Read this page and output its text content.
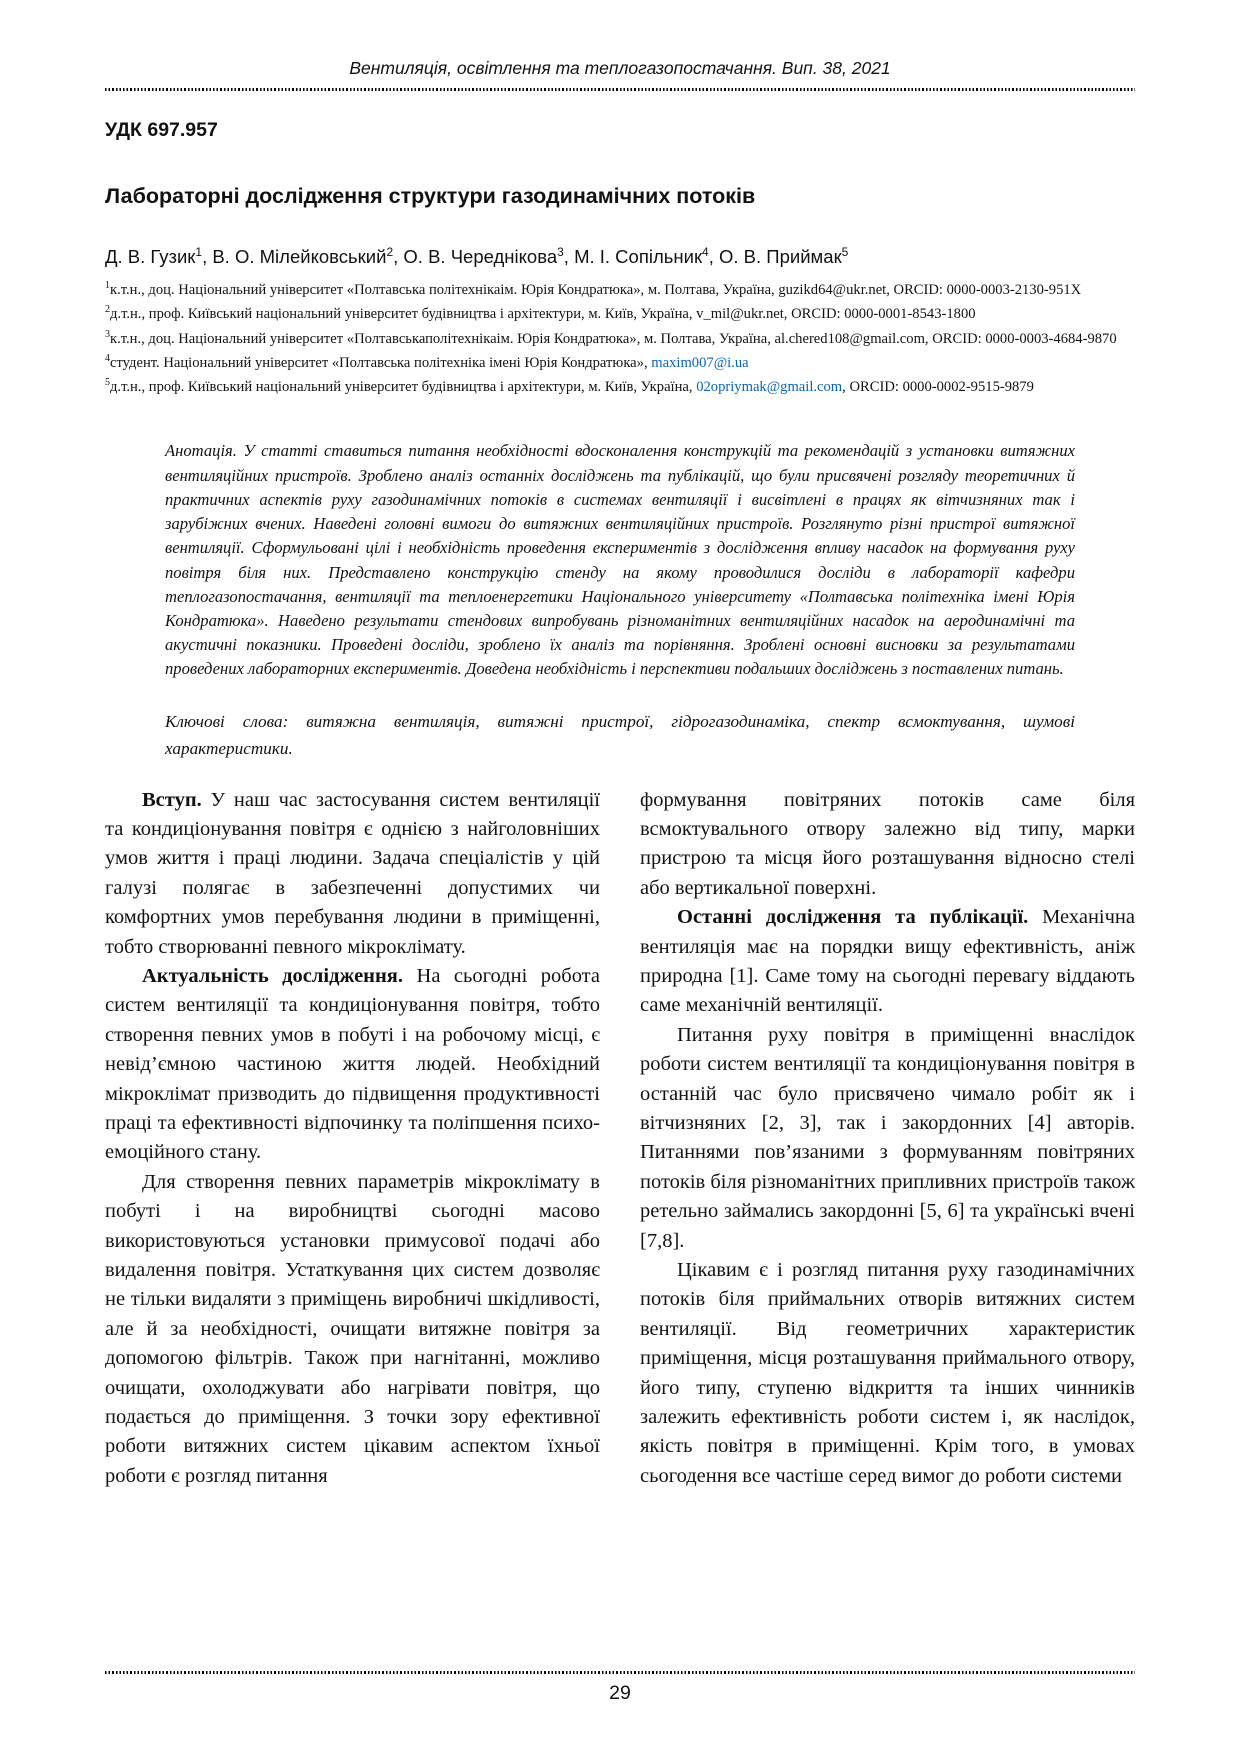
Вентиляція, освітлення та теплогазопостачання. Вип. 38, 2021
УДК 697.957
Лабораторні дослідження структури газодинамічних потоків
Д. В. Гузик$^1$, В. О. Мілейковський$^2$, О. В. Череднікова$^3$, М. І. Сопільник$^4$, О. В. Приймак$^5$
$^1$к.т.н., доц. Національний університет «Полтавська політехнікаім. Юрія Кондратюка», м. Полтава, Україна, guzikd64@ukr.net, ORCID: 0000-0003-2130-951X
$^2$д.т.н., проф. Київський національний університет будівництва і архітектури, м. Київ, Україна, v_mil@ukr.net, ORCID: 0000-0001-8543-1800
$^3$к.т.н., доц. Національний університет «Полтавськаполітехнікаім. Юрія Кондратюка», м. Полтава, Україна, al.chered108@gmail.com, ORCID: 0000-0003-4684-9870
$^4$студент. Національний університет «Полтавська політехніка імені Юрія Кондратюка», maxim007@i.ua
$^5$д.т.н., проф. Київський національний університет будівництва і архітектури, м. Київ, Україна, 02opriymak@gmail.com, ORCID: 0000-0002-9515-9879

Анотація. У статті ставиться питання необхідності вдосконалення конструкцій та рекомендацій з установки витяжних вентиляційних пристроїв. Зроблено аналіз останніх досліджень та публікацій, що були присвячені розгляду теоретичних й практичних аспектів руху газодинамічних потоків в системах вентиляції і висвітлені в працях як вітчизняних так і зарубіжних вчених. Наведені головні вимоги до витяжних вентиляційних пристроїв. Розглянуто різні пристрої витяжної вентиляції. Сформульовані цілі і необхідність проведення експериментів з дослідження впливу насадок на формування руху повітря біля них. Представлено конструкцію стенду на якому проводилися досліди в лабораторії кафедри теплогазопостачання, вентиляції та теплоенергетики Національного університету «Полтавська політехніка імені Юрія Кондратюка». Наведено результати стендових випробувань різноманітних вентиляційних насадок на аеродинамічні та акустичні показники. Проведені досліди, зроблено їх аналіз та порівняння. Зроблені основні висновки за результатами проведених лабораторних експериментів. Доведена необхідність і перспективи подальших досліджень з поставлених питань.

Ключові слова: витяжна вентиляція, витяжні пристрої, гідрогазодинаміка, спектр всмоктування, шумові характеристики.

Вступ. У наш час застосування систем вентиляції та кондиціонування повітря є однією з найголовніших умов життя і праці людини. Задача спеціалістів у цій галузі полягає в забезпеченні допустимих чи комфортних умов перебування людини в приміщенні, тобто створюванні певного мікроклімату.

Актуальність дослідження. На сьогодні робота систем вентиляції та кондиціонування повітря, тобто створення певних умов в побуті і на робочому місці, є невід’ємною частиною життя людей. Необхідний мікроклімат призводить до підвищення продуктивності праці та ефективності відпочинку та поліпшення психоемоційного стану.

Для створення певних параметрів мікроклімату в побуті і на виробництві сьогодні масово використовуються установки примусової подачі або видалення повітря. Устаткування цих систем дозволяє не тільки видаляти з приміщень виробничі шкідливості, але й за необхідності, очищати витяжне повітря за допомогою фільтрів. Також при нагнітанні, можливо очищати, охолоджувати або нагрівати повітря, що подається до приміщення. З точки зору ефективної роботи витяжних систем цікавим аспектом їхньої роботи є розгляд питання

формування повітряних потоків саме біля всмоктувального отвору залежно від типу, марки пристрою та місця його розташування відносно стелі або вертикальної поверхні.

Останні дослідження та публікації. Механічна вентиляція має на порядки вищу ефективність, аніж природна [1]. Саме тому на сьогодні перевагу віддають саме механічній вентиляції.

Питання руху повітря в приміщенні внаслідок роботи систем вентиляції та кондиціонування повітря в останній час було присвячено чимало робіт як і вітчизняних [2, 3], так і закордонних [4] авторів. Питаннями пов’язаними з формуванням повітряних потоків біля різноманітних припливних пристроїв також ретельно займались закордонні [5, 6] та українські вчені [7,8].

Цікавим є і розгляд питання руху газодинамічних потоків біля приймальних отворів витяжних систем вентиляції. Від геометричних характеристик приміщення, місця розташування приймального отвору, його типу, ступеню відкриття та інших чинників залежить ефективність роботи систем і, як наслідок, якість повітря в приміщенні. Крім того, в умовах сьогодення все частіше серед вимог до роботи системи

29
